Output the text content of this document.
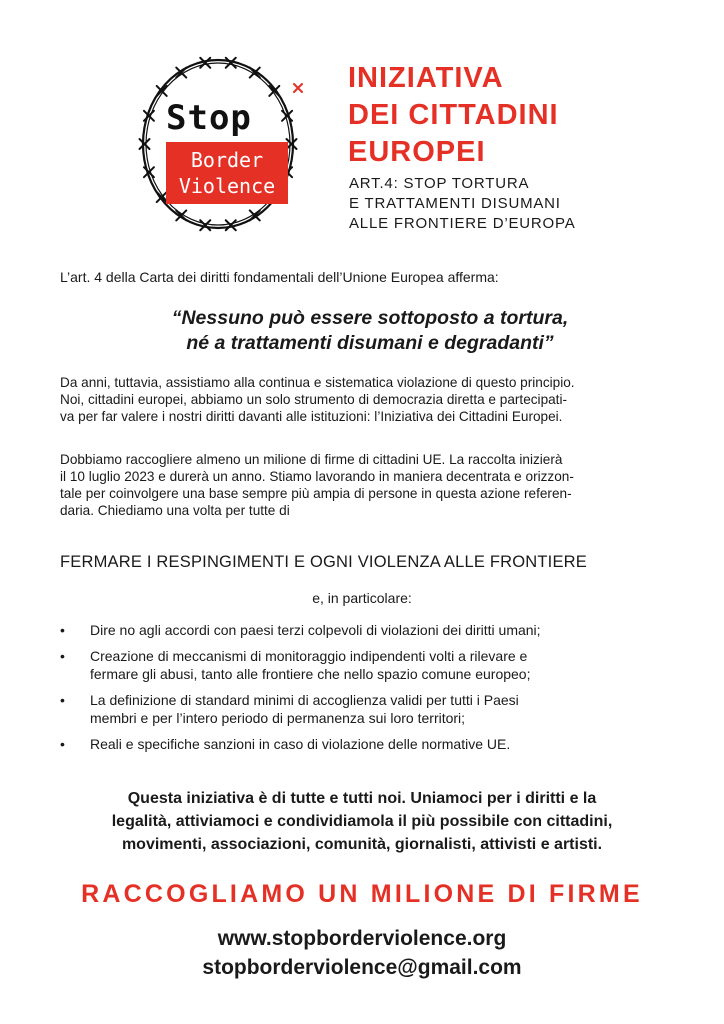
Stop
Border
Violence
INIZIATIVA
DEI CITTADINI
EUROPEI
ART.4: STOP TORTURA
E TRATTAMENTI DISUMANI
ALLE FRONTIERE D’EUROPA
L’art. 4 della Carta dei diritti fondamentali dell’Unione Europea afferma:
“Nessuno può essere sottoposto a tortura,
né a trattamenti disumani e degradanti”
Da anni, tuttavia, assistiamo alla continua e sistematica violazione di questo principio.
Noi, cittadini europei, abbiamo un solo strumento di democrazia diretta e partecipati-
va per far valere i nostri diritti davanti alle istituzioni: l’Iniziativa dei Cittadini Europei.
Dobbiamo raccogliere almeno un milione di firme di cittadini UE. La raccolta inizierà
il 10 luglio 2023 e durerà un anno. Stiamo lavorando in maniera decentrata e orizzon-
tale per coinvolgere una base sempre più ampia di persone in questa azione referen-
daria. Chiediamo una volta per tutte di
FERMARE I RESPINGIMENTI E OGNI VIOLENZA ALLE FRONTIERE
e, in particolare:
• Dire no agli accordi con paesi terzi colpevoli di violazioni dei diritti umani;
• Creazione di meccanismi di monitoraggio indipendenti volti a rilevare e
fermare gli abusi, tanto alle frontiere che nello spazio comune europeo;
• La definizione di standard minimi di accoglienza validi per tutti i Paesi
membri e per l’intero periodo di permanenza sui loro territori;
• Reali e specifiche sanzioni in caso di violazione delle normative UE.
Questa iniziativa è di tutte e tutti noi. Uniamoci per i diritti e la
legalità, attiviamoci e condividiamola il più possibile con cittadini,
movimenti, associazioni, comunità, giornalisti, attivisti e artisti.
RACCOGLIAMO UN MILIONE DI FIRME
www.stopborderviolence.org
stopborderviolence@gmail.com
